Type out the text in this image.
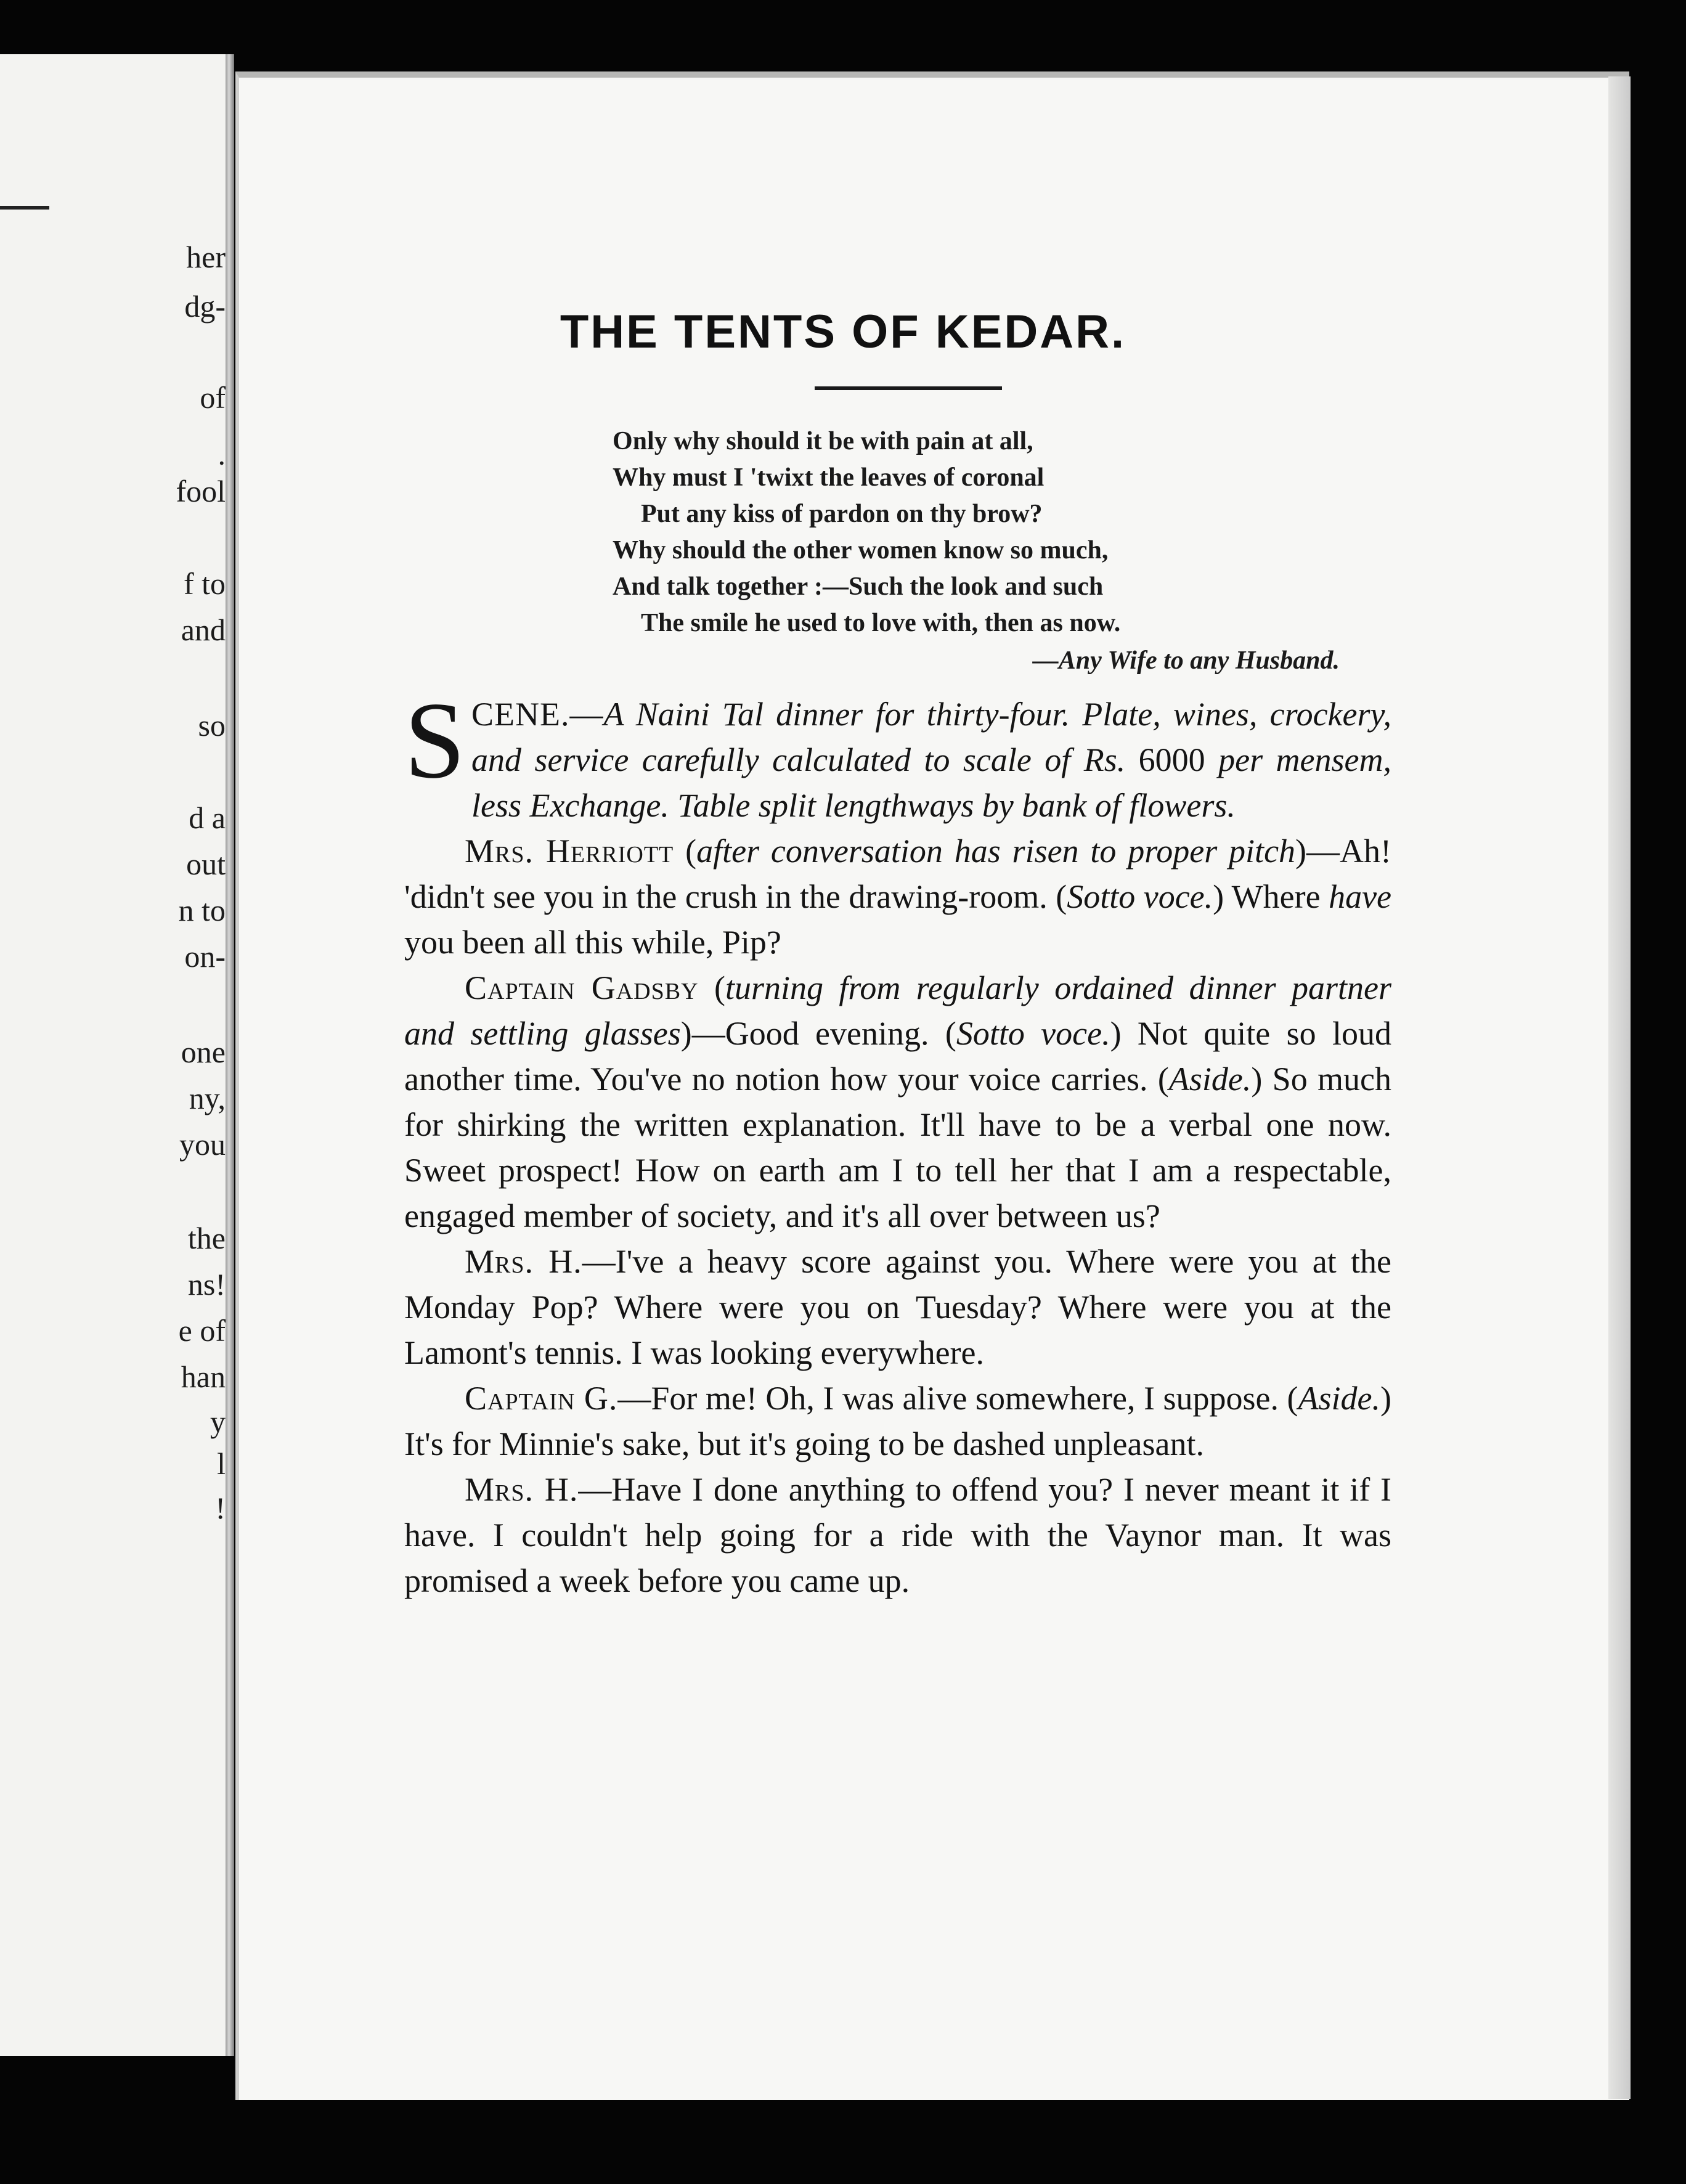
her
dg-
of
.
fool
f to
and
so
d a
out
n to
on-
one
ny,
you
the
ns!
e of
han
y
l
!
THE TENTS OF KEDAR.
Only why should it be with pain at all,
Why must I 'twixt the leaves of coronal
Put any kiss of pardon on thy brow?
Why should the other women know so much,
And talk together :—Such the look and such
The smile he used to love with, then as now.
—Any Wife to any Husband.

SCENE.—A Naini Tal dinner for thirty-four. Plate, wines, crockery, and service carefully calculated to scale of Rs. 6000 per mensem, less Exchange. Table split lengthways by bank of flowers.

Mrs. Herriott (after conversation has risen to proper pitch)—Ah! 'didn't see you in the crush in the drawing-room. (Sotto voce.) Where have you been all this while, Pip?

Captain Gadsby (turning from regularly ordained dinner partner and settling glasses)—Good evening. (Sotto voce.) Not quite so loud another time. You've no notion how your voice carries. (Aside.) So much for shirking the written explanation. It'll have to be a verbal one now. Sweet prospect! How on earth am I to tell her that I am a respectable, engaged member of society, and it's all over between us?

Mrs. H.—I've a heavy score against you. Where were you at the Monday Pop? Where were you on Tuesday? Where were you at the Lamont's tennis. I was looking everywhere.

Captain G.—For me! Oh, I was alive somewhere, I suppose. (Aside.) It's for Minnie's sake, but it's going to be dashed unpleasant.

Mrs. H.—Have I done anything to offend you? I never meant it if I have. I couldn't help going for a ride with the Vaynor man. It was promised a week before you came up.
